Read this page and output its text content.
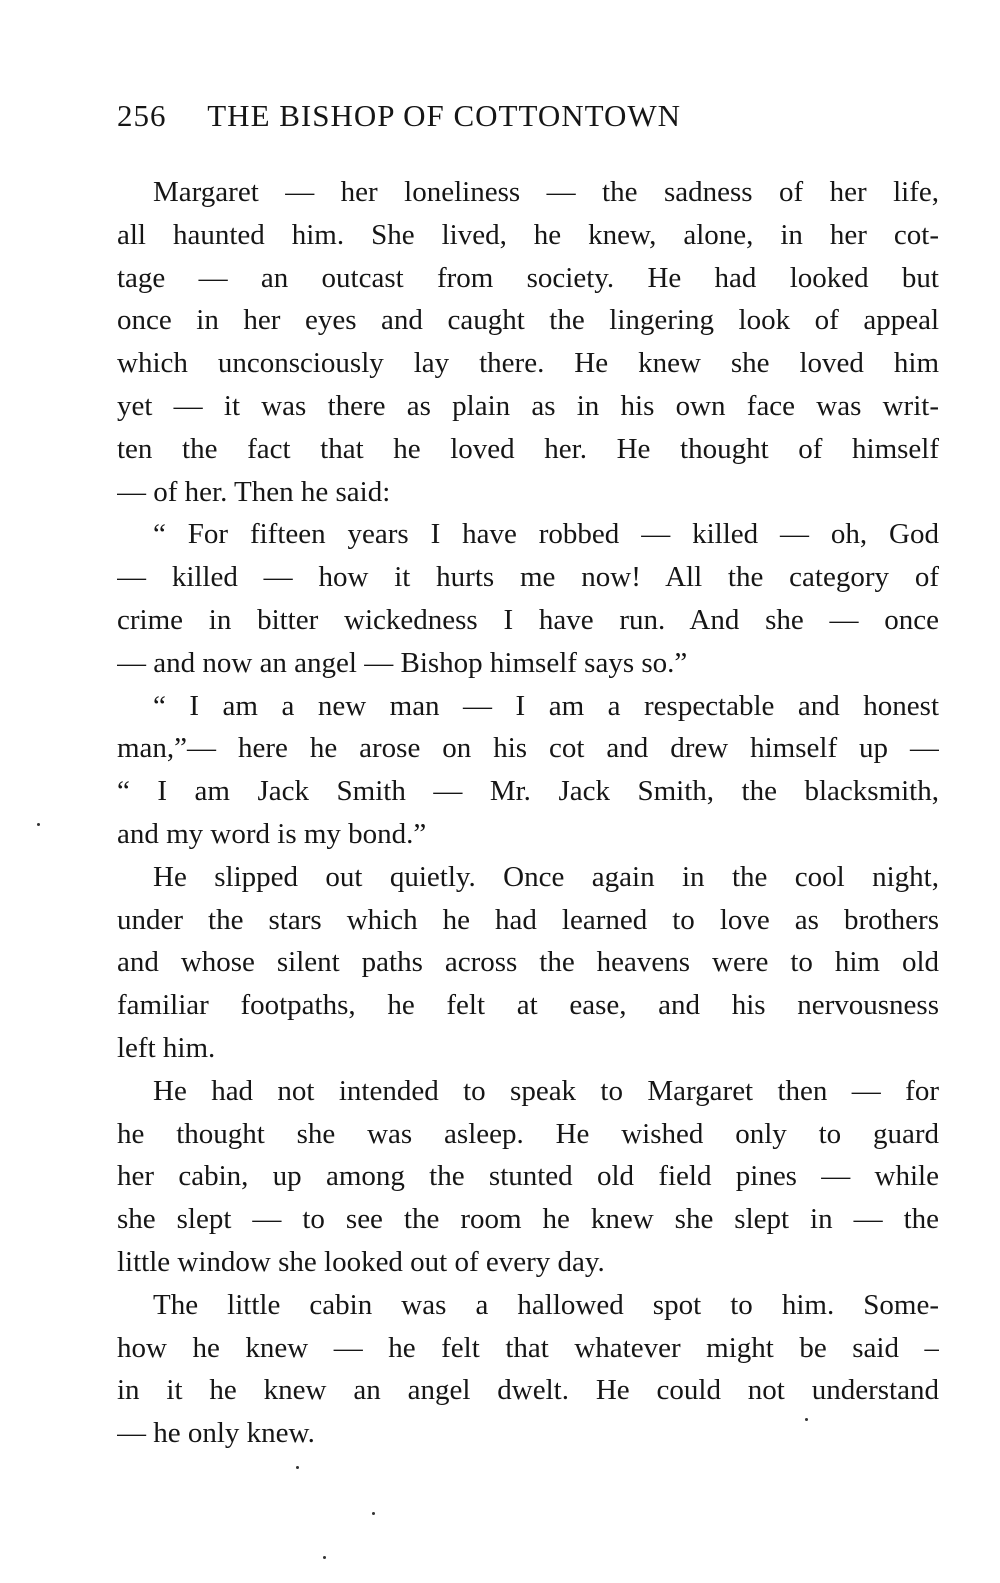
256 THE BISHOP OF COTTONTOWN
Margaret — her loneliness — the sadness of her life,
all haunted him. She lived, he knew, alone, in her cot-
tage — an outcast from society. He had looked but
once in her eyes and caught the lingering look of appeal
which unconsciously lay there. He knew she loved him
yet — it was there as plain as in his own face was writ-
ten the fact that he loved her. He thought of himself
— of her. Then he said:
“ For fifteen years I have robbed — killed — oh, God
— killed — how it hurts me now! All the category of
crime in bitter wickedness I have run. And she — once
— and now an angel — Bishop himself says so.”
“ I am a new man — I am a respectable and honest
man,”— here he arose on his cot and drew himself up —
“ I am Jack Smith — Mr. Jack Smith, the blacksmith,
and my word is my bond.”
He slipped out quietly. Once again in the cool night,
under the stars which he had learned to love as brothers
and whose silent paths across the heavens were to him old
familiar footpaths, he felt at ease, and his nervousness
left him.
He had not intended to speak to Margaret then — for
he thought she was asleep. He wished only to guard
her cabin, up among the stunted old field pines — while
she slept — to see the room he knew she slept in — the
little window she looked out of every day.
The little cabin was a hallowed spot to him. Some-
how he knew — he felt that whatever might be said –
in it he knew an angel dwelt. He could not understand
— he only knew.
